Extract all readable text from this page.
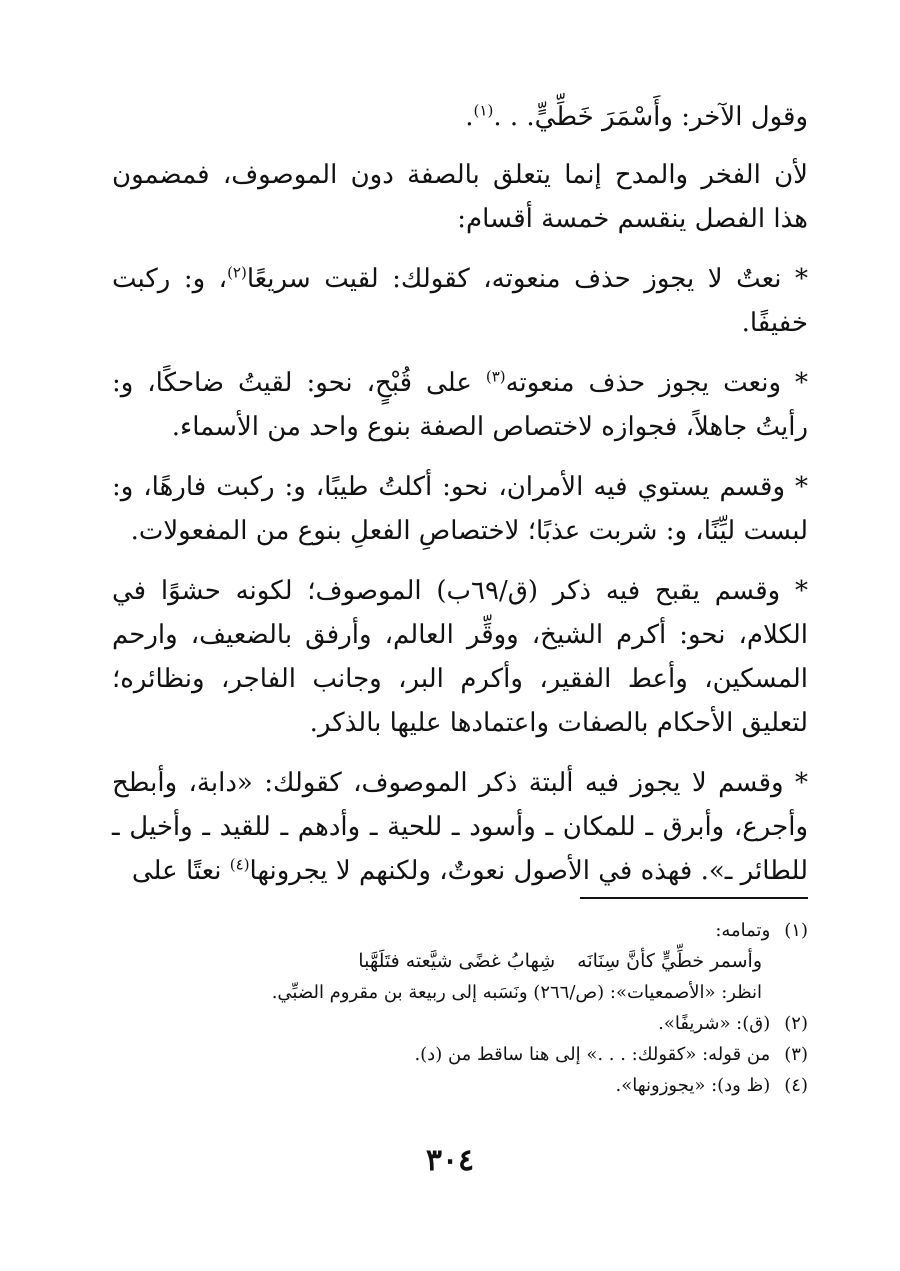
وقول الآخر: وأَسْمَرَ خَطِّيٍّ. . .$^{(١)}$.

لأن الفخر والمدح إنما يتعلق بالصفة دون الموصوف، فمضمون هذا الفصل ينقسم خمسة أقسام:

* نعتٌ لا يجوز حذف منعوته، كقولك: لقيت سريعًا$^{(٢)}$، و: ركبت خفيفًا.

* ونعت يجوز حذف منعوته$^{(٣)}$ على قُبْحٍ، نحو: لقيتُ ضاحكًا، و: رأيتُ جاهلاً، فجوازه لاختصاص الصفة بنوع واحد من الأسماء.

* وقسم يستوي فيه الأمران، نحو: أكلتُ طيبًا، و: ركبت فارهًا، و: لبست ليِّنًا، و: شربت عذبًا؛ لاختصاصِ الفعلِ بنوع من المفعولات.

* وقسم يقبح فيه ذكر (ق/٦٩ب) الموصوف؛ لكونه حشوًا في الكلام، نحو: أكرم الشيخ، ووقِّر العالم، وأرفق بالضعيف، وارحم المسكين، وأعط الفقير، وأكرم البر، وجانب الفاجر، ونظائره؛ لتعليق الأحكام بالصفات واعتمادها عليها بالذكر.

* وقسم لا يجوز فيه ألبتة ذكر الموصوف، كقولك: «دابة، وأبطح وأجرع، وأبرق ـ للمكان ـ وأسود ـ للحية ـ وأدهم ـ للقيد ـ وأخيل ـ للطائر ـ». فهذه في الأصول نعوتٌ، ولكنهم لا يجرونها$^{(٤)}$ نعتًا على

(١)وتمامه:

وأسمر خطِّيٍّ كأنَّ سِنَانَهشِهابُ غضًى شيَّعته فتَلَهَّبا

انظر: «الأصمعيات»: (ص/٢٦٦) ونَسَبه إلى ربيعة بن مقروم الضبِّي.

(٢)(ق): «شريفًا».

(٣)من قوله: «كقولك: . . .» إلى هنا ساقط من (د).

(٤)(ظ ود): «يجوزونها».

٣٠٤
